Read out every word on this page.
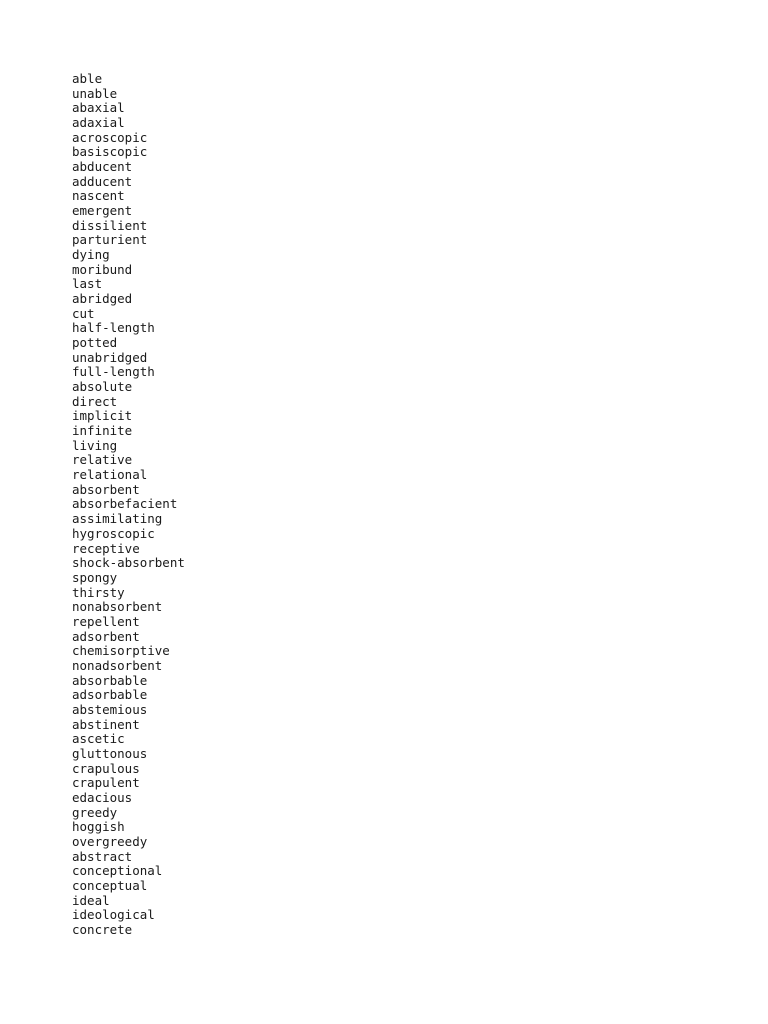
able
unable
abaxial
adaxial
acroscopic
basiscopic
abducent
adducent
nascent
emergent
dissilient
parturient
dying
moribund
last
abridged
cut
half-length
potted
unabridged
full-length
absolute
direct
implicit
infinite
living
relative
relational
absorbent
absorbefacient
assimilating
hygroscopic
receptive
shock-absorbent
spongy
thirsty
nonabsorbent
repellent
adsorbent
chemisorptive
nonadsorbent
absorbable
adsorbable
abstemious
abstinent
ascetic
gluttonous
crapulous
crapulent
edacious
greedy
hoggish
overgreedy
abstract
conceptional
conceptual
ideal
ideological
concrete
